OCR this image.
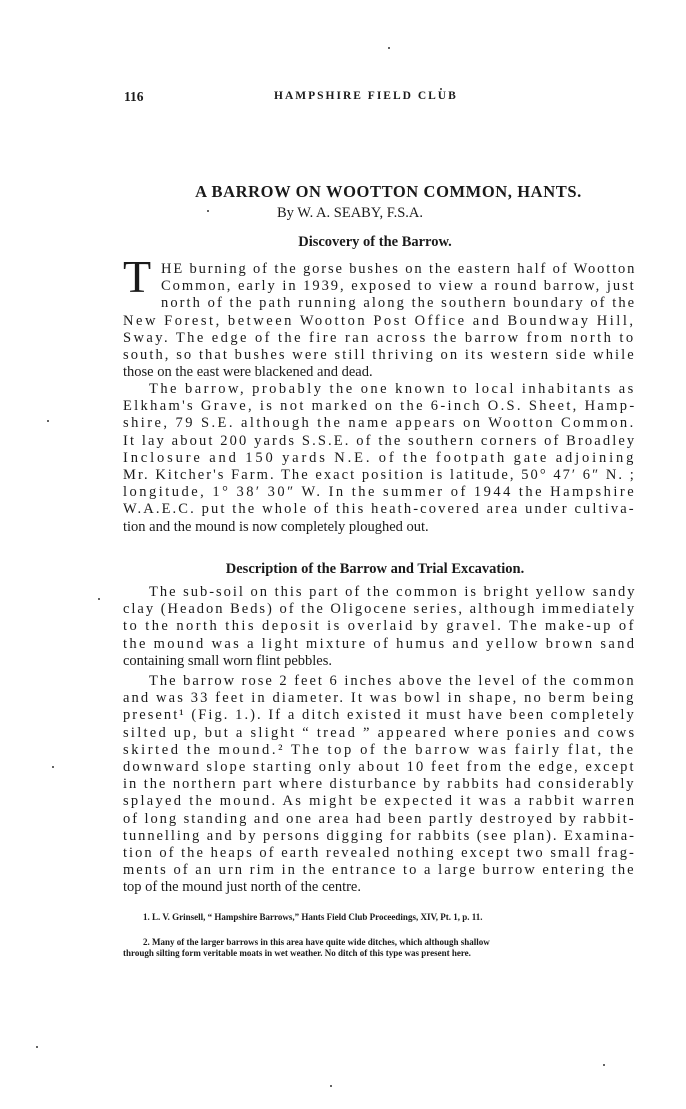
116	HAMPSHIRE FIELD CLUB
A BARROW ON WOOTTON COMMON, HANTS.
By W. A. SEABY, F.S.A.
Discovery of the Barrow.
T HE burning of the gorse bushes on the eastern half of Wootton
Common, early in 1939, exposed to view a round barrow, just
north of the path running along the southern boundary of the
New Forest, between Wootton Post Office and Boundway Hill,
Sway. The edge of the fire ran across the barrow from north to
south, so that bushes were still thriving on its western side while
those on the east were blackened and dead.
The barrow, probably the one known to local inhabitants as
Elkham's Grave, is not marked on the 6-inch O.S. Sheet, Hamp-
shire, 79 S.E. although the name appears on Wootton Common.
It lay about 200 yards S.S.E. of the southern corners of Broadley
Inclosure and 150 yards N.E. of the footpath gate adjoining
Mr. Kitcher's Farm. The exact position is latitude, 50° 47′ 6″ N. ;
longitude, 1° 38′ 30″ W. In the summer of 1944 the Hampshire
W.A.E.C. put the whole of this heath-covered area under cultiva-
tion and the mound is now completely ploughed out.
Description of the Barrow and Trial Excavation.
The sub-soil on this part of the common is bright yellow sandy
clay (Headon Beds) of the Oligocene series, although immediately
to the north this deposit is overlaid by gravel. The make-up of
the mound was a light mixture of humus and yellow brown sand
containing small worn flint pebbles.
The barrow rose 2 feet 6 inches above the level of the common
and was 33 feet in diameter. It was bowl in shape, no berm being
present¹ (Fig. 1.). If a ditch existed it must have been completely
silted up, but a slight “ tread ” appeared where ponies and cows
skirted the mound.² The top of the barrow was fairly flat, the
downward slope starting only about 10 feet from the edge, except
in the northern part where disturbance by rabbits had considerably
splayed the mound. As might be expected it was a rabbit warren
of long standing and one area had been partly destroyed by rabbit-
tunnelling and by persons digging for rabbits (see plan). Examina-
tion of the heaps of earth revealed nothing except two small frag-
ments of an urn rim in the entrance to a large burrow entering the
top of the mound just north of the centre.
1. L. V. Grinsell, “ Hampshire Barrows,” Hants Field Club Proceedings, XIV, Pt. 1, p. 11.
2. Many of the larger barrows in this area have quite wide ditches, which although shallow
through silting form veritable moats in wet weather. No ditch of this type was present here.
